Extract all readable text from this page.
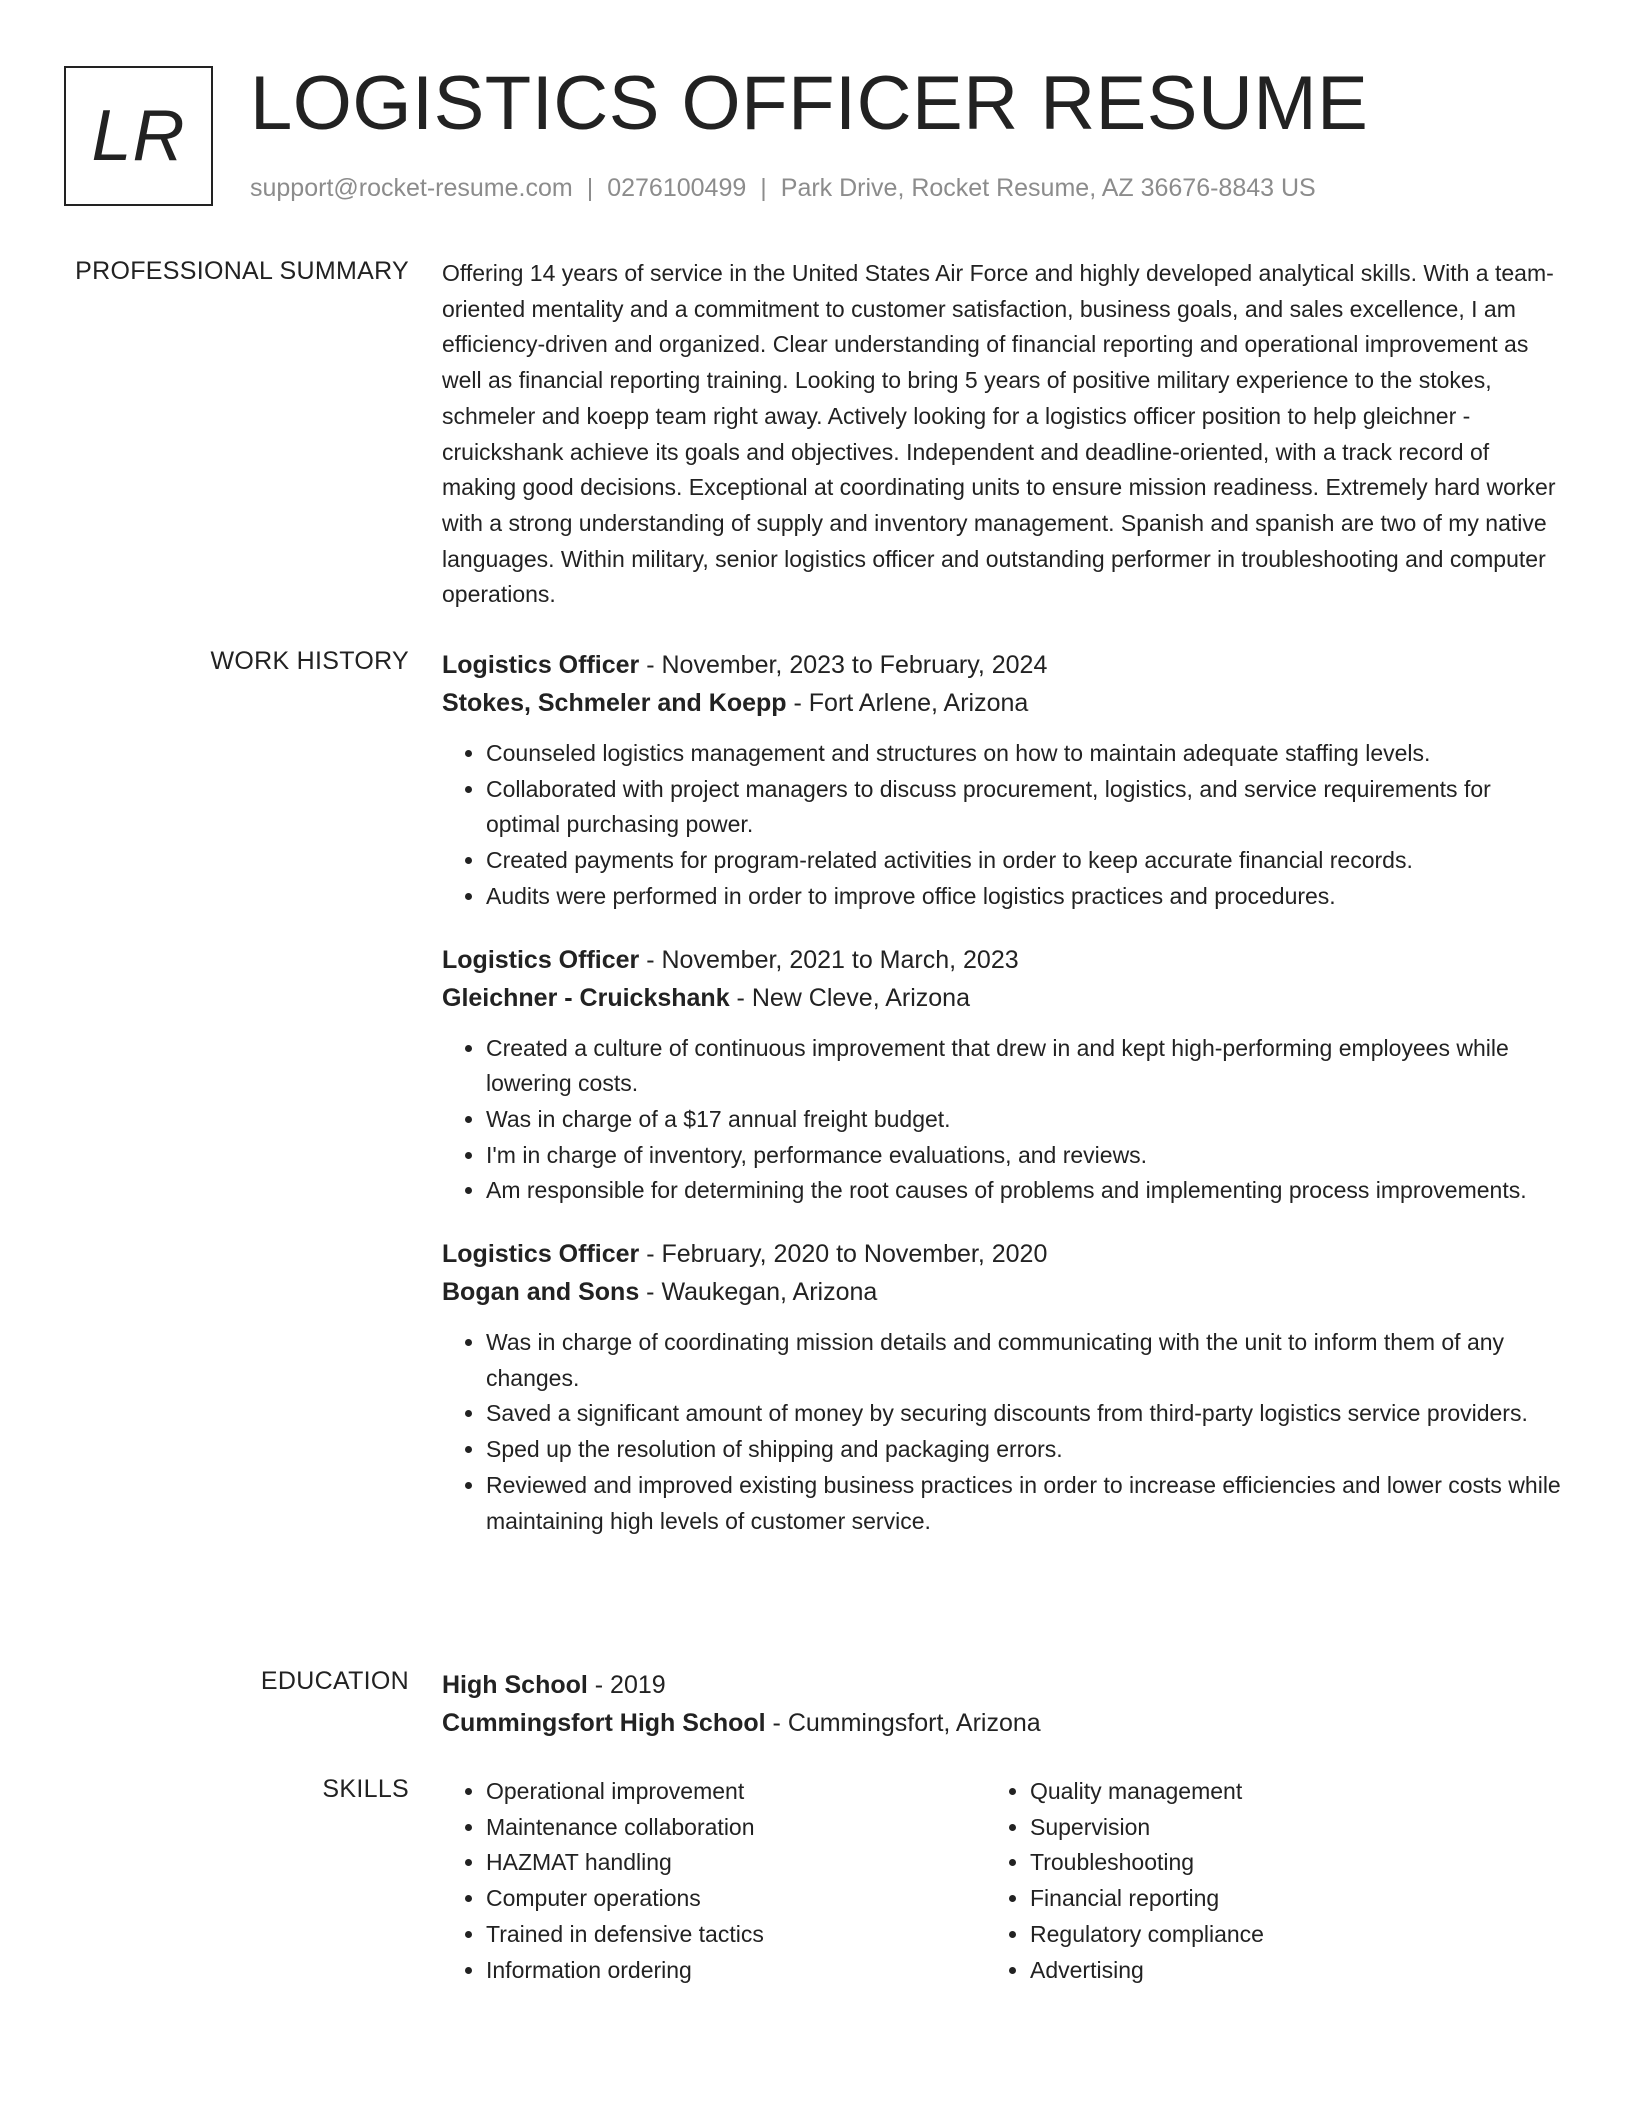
LR LOGISTICS OFFICER RESUME
support@rocket-resume.com | 0276100499 | Park Drive, Rocket Resume, AZ 36676-8843 US
PROFESSIONAL SUMMARY Offering 14 years of service in the United States Air Force and highly developed analytical skills. With a team-oriented mentality and a commitment to customer satisfaction, business goals, and sales excellence, I am efficiency-driven and organized. Clear understanding of financial reporting and operational improvement as well as financial reporting training. Looking to bring 5 years of positive military experience to the stokes, schmeler and koepp team right away. Actively looking for a logistics officer position to help gleichner - cruickshank achieve its goals and objectives. Independent and deadline-oriented, with a track record of making good decisions. Exceptional at coordinating units to ensure mission readiness. Extremely hard worker with a strong understanding of supply and inventory management. Spanish and spanish are two of my native languages. Within military, senior logistics officer and outstanding performer in troubleshooting and computer operations.

WORK HISTORY Logistics Officer - November, 2023 to February, 2024

Stokes, Schmeler and Koepp - Fort Arlene, Arizona

• Counseled logistics management and structures on how to maintain adequate staffing levels.
• Collaborated with project managers to discuss procurement, logistics, and service requirements for optimal purchasing power.
• Created payments for program-related activities in order to keep accurate financial records.
• Audits were performed in order to improve office logistics practices and procedures.

Logistics Officer - November, 2021 to March, 2023

Gleichner - Cruickshank - New Cleve, Arizona

• Created a culture of continuous improvement that drew in and kept high-performing employees while lowering costs.
• Was in charge of a $17 annual freight budget.
• I'm in charge of inventory, performance evaluations, and reviews.
• Am responsible for determining the root causes of problems and implementing process improvements.

Logistics Officer - February, 2020 to November, 2020

Bogan and Sons - Waukegan, Arizona

• Was in charge of coordinating mission details and communicating with the unit to inform them of any changes.
• Saved a significant amount of money by securing discounts from third-party logistics service providers.
• Sped up the resolution of shipping and packaging errors.
• Reviewed and improved existing business practices in order to increase efficiencies and lower costs while maintaining high levels of customer service.
EDUCATION High School - 2019

Cummingsfort High School - Cummingsfort, Arizona

SKILLS
•	Operational improvement
• Maintenance collaboration
• HAZMAT handling
• Computer operations
• Trained in defensive tactics
• Information ordering
• Quality management
• Supervision
• Troubleshooting
• Financial reporting
• Regulatory compliance
• Advertising
